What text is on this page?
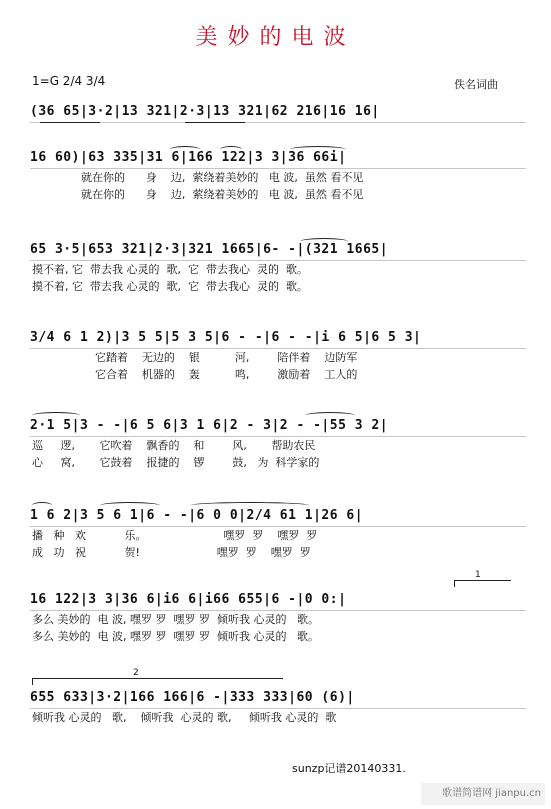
美妙的电波
1=G 2/4 3/4	佚名词曲
(36 65|3·2|13 321|2·3|13 321|62 216|16 16|
16 60)|63 335|31 6|166 122|3 3|36 66i|
就在你的      身    边,  萦绕着美妙的   电 波,  虽然 看不见
就在你的      身    边,  萦绕着美妙的   电 波,  虽然 看不见
65 3·5|653 321|2·3|321 1665|6- -|(321 1665|
摸不着, 它  带去我 心灵的  歌,  它  带去我心  灵的  歌。
摸不着, 它  带去我 心灵的  歌,  它  带去我心  灵的  歌。
3/4 6 1 2)|3 5 5|5 3 5|6 - -|6 - -|i 6 5|6 5 3|
它踏着    无边的    银          河,        陪伴着    边防军
它合着    机器的    轰          鸣,        激励着    工人的
2·1 5|3 - -|6 5 6|3 1 6|2 - 3|2 - -|55 3 2|
巡     逻,       它吹着    飘香的    和        风,       帮助农民
心     窝,       它鼓着    报捷的    锣        鼓,   为  科学家的
1 6 2|3 5 6 1|6 - -|6 0 0|2/4 61 1|26 6|
播   种   欢           乐。                      嘿罗  罗    嘿罗  罗
成   功   祝           贺!                      嘿罗  罗    嘿罗  罗
1
16 122|3 3|36 6|i6 6|i66 655|6 -|0 0:|
多么 美妙的  电 波, 嘿罗 罗  嘿罗 罗  倾听我 心灵的   歌。
多么 美妙的  电 波, 嘿罗 罗  嘿罗 罗  倾听我 心灵的   歌。
2
655 633|3·2|166 166|6 -|333 333|60 (6)|
倾听我 心灵的   歌,    倾听我  心灵的 歌,     倾听我 心灵的  歌
sunzp记谱20140331.
歌谱简谱网 jianpu.cn
